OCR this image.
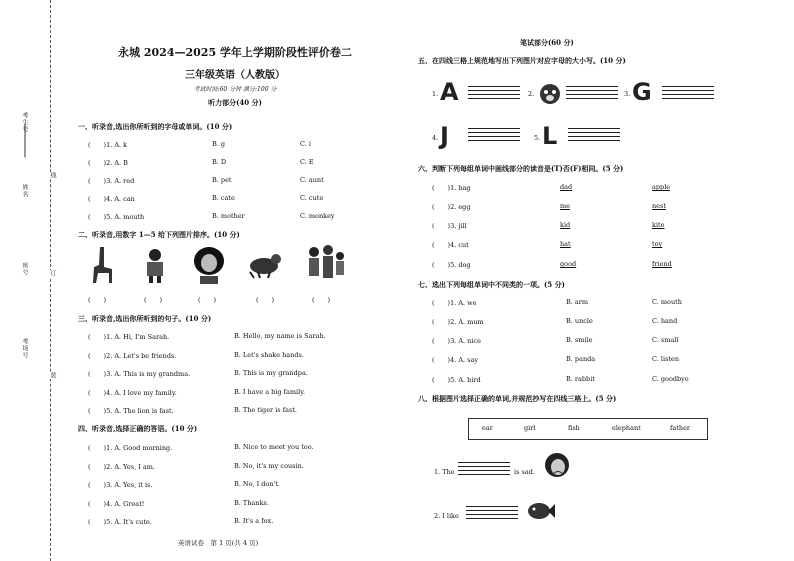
考生号
姓名
座号
考场号
线
订
装
永城 2024—2025 学年上学期阶段性评价卷二
三年级英语（人教版）
考试时间:60 分钟 满分:100 分
听力部分(40 分)
一、听录音,选出你所听到的字母或单词。(10 分)
(　　)1. A. k	B. g	C. i
(　　)2. A. B	B. D	C. E
(　　)3. A. red	B. pet	C. aunt
(　　)4. A. can	B. cate	C. cute
(　　)5. A. mouth	B. mother	C. monkey
二、听录音,用数字 1—5 给下列图片排序。(10 分)
(　　)	(　　)	(　　)	(　　)	(　　)
三、听录音,选出你所听到的句子。(10 分)
(　　)1. A. Hi, I'm Sarah.	B. Hello, my name is Sarah.
(　　)2. A. Let's be friends.	B. Let's shake hands.
(　　)3. A. This is my grandma.	B. This is my grandpa.
(　　)4. A. I love my family.	B. I have a big family.
(　　)5. A. The lion is fast.	B. The tiger is fast.
四、听录音,选择正确的答语。(10 分)
(　　)1. A. Good morning.	B. Nice to meet you too.
(　　)2. A. Yes, I am.	B. No, it's my cousin.
(　　)3. A. Yes, it is.	B. No, I don't.
(　　)4. A. Great!	B. Thanks.
(　　)5. A. It's cute.	B. It's a fox.
英语试卷　第 1 页(共 4 页)
笔试部分(60 分)
五、在四线三格上规范地写出下列图片对应字母的大小写。(10 分)
1. A	2.	3. G
4. J	5. L
六、判断下列每组单词中画线部分的读音是(T)否(F)相同。(5 分)
(　　)1. bag	dad	apple
(　　)2. egg	me	nest
(　　)3. jill	kid	kite
(　　)4. cut	hat	toy
(　　)5. dog	good	friend
七、选出下列每组单词中不同类的一项。(5 分)
(　　)1. A. we	B. arm	C. mouth
(　　)2. A. mum	B. uncle	C. hand
(　　)3. A. nice	B. smile	C. small
(　　)4. A. say	B. panda	C. listen
(　　)5. A. bird	B. rabbit	C. goodbye
八、根据图片选择正确的单词,并规范抄写在四线三格上。(5 分)
ear	girl	fish	elephant	father
1. The	is sad.
2. I like
